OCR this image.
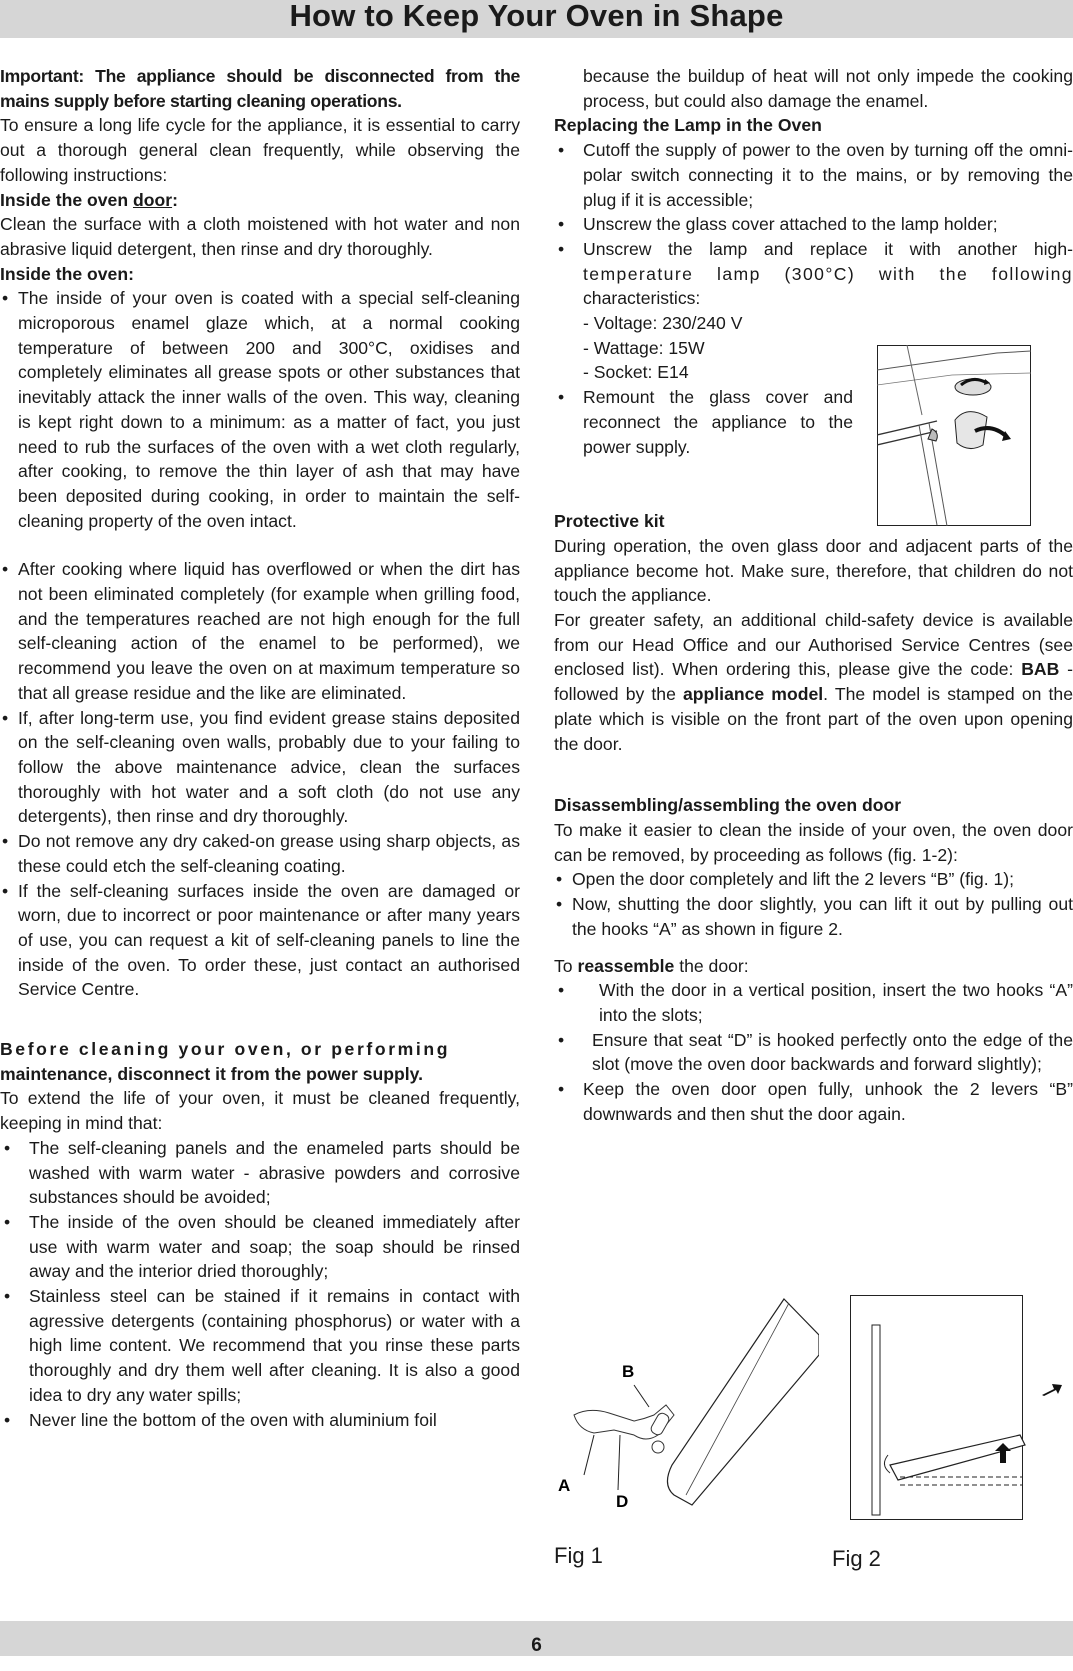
How to Keep Your Oven in Shape

Important: The appliance should be disconnected from the mains supply before starting cleaning operations.

To ensure a long life cycle for the appliance, it is essential to carry out a thorough general clean frequently, while observing the following instructions:

Inside the oven door:

Clean the surface with a cloth moistened with hot water and non abrasive liquid detergent, then rinse and dry thoroughly.

Inside the oven:

• The inside of your oven is coated with a special self-cleaning microporous enamel glaze which, at a normal cooking temperature of between 200 and 300°C, oxidises and completely eliminates all grease spots or other substances that inevitably attack the inner walls of the oven. This way, cleaning is kept right down to a minimum: as a matter of fact, you just need to rub the surfaces of the oven with a wet cloth regularly, after cooking, to remove the thin layer of ash that may have been deposited during cooking, in order to maintain the self-cleaning property of the oven intact.

• After cooking where liquid has overflowed or when the dirt has not been eliminated completely (for example when grilling food, and the temperatures reached are not high enough for the full self-cleaning action of the enamel to be performed), we recommend you leave the oven on at maximum temperature so that all grease residue and the like are eliminated.

• If, after long-term use, you find evident grease stains deposited on the self-cleaning oven walls, probably due to your failing to follow the above maintenance advice, clean the surfaces thoroughly with hot water and a soft cloth (do not use any detergents), then rinse and dry thoroughly.

• Do not remove any dry caked-on grease using sharp objects, as these could etch the self-cleaning coating.

• If the self-cleaning surfaces inside the oven are damaged or worn, due to incorrect or poor maintenance or after many years of use, you can request a kit of self-cleaning panels to line the inside of the oven. To order these, just contact an authorised Service Centre.

Before cleaning your oven, or performing
maintenance, disconnect it from the power supply.

To extend the life of your oven, it must be cleaned frequently, keeping in mind that:

• The self-cleaning panels and the enameled parts should be washed with warm water - abrasive powders and corrosive substances should be avoided;

• The inside of the oven should be cleaned immediately after use with warm water and soap; the soap should be rinsed away and the interior dried thoroughly;

• Stainless steel can be stained if it remains in contact with agressive detergents (containing phosphorus) or water with a high lime content. We recommend that you rinse these parts thoroughly and dry them well after cleaning. It is also a good idea to dry any water spills;

• Never line the bottom of the oven with aluminium foil

because the buildup of heat will not only impede the cooking process, but could also damage the enamel.

Replacing the Lamp in the Oven

• Cutoff the supply of power to the oven by turning off the omni-polar switch connecting it to the mains, or by removing the plug if it is accessible;

• Unscrew the glass cover attached to the lamp holder;

• Unscrew the lamp and replace it with another high-

temperature lamp (300°C) with the following

characteristics:

- Voltage: 230/240 V

- Wattage: 15W

- Socket: E14

• Remount the glass cover and reconnect the appliance to the power supply.

Protective kit

During operation, the oven glass door and adjacent parts of the appliance become hot. Make sure, therefore, that children do not touch the appliance.

For greater safety, an additional child-safety device is available from our Head Office and our Authorised Service Centres (see enclosed list). When ordering this, please give the code: BAB - followed by the appliance model. The model is stamped on the plate which is visible on the front part of the oven upon opening the door.

Disassembling/assembling the oven door

To make it easier to clean the inside of your oven, the oven door can be removed, by proceeding as follows (fig. 1-2):

• Open the door completely and lift the 2 levers “B” (fig. 1);

• Now, shutting the door slightly, you can lift it out by pulling out the hooks “A” as shown in figure 2.

To reassemble the door:

• With the door in a vertical position, insert the two hooks “A” into the slots;

• Ensure that seat “D” is hooked perfectly onto the edge of the slot (move the oven door backwards and forward slightly);

• Keep the oven door open fully, unhook the 2 levers “B” downwards and then shut the door again.

B
A
D
Fig 1	Fig 2
6
